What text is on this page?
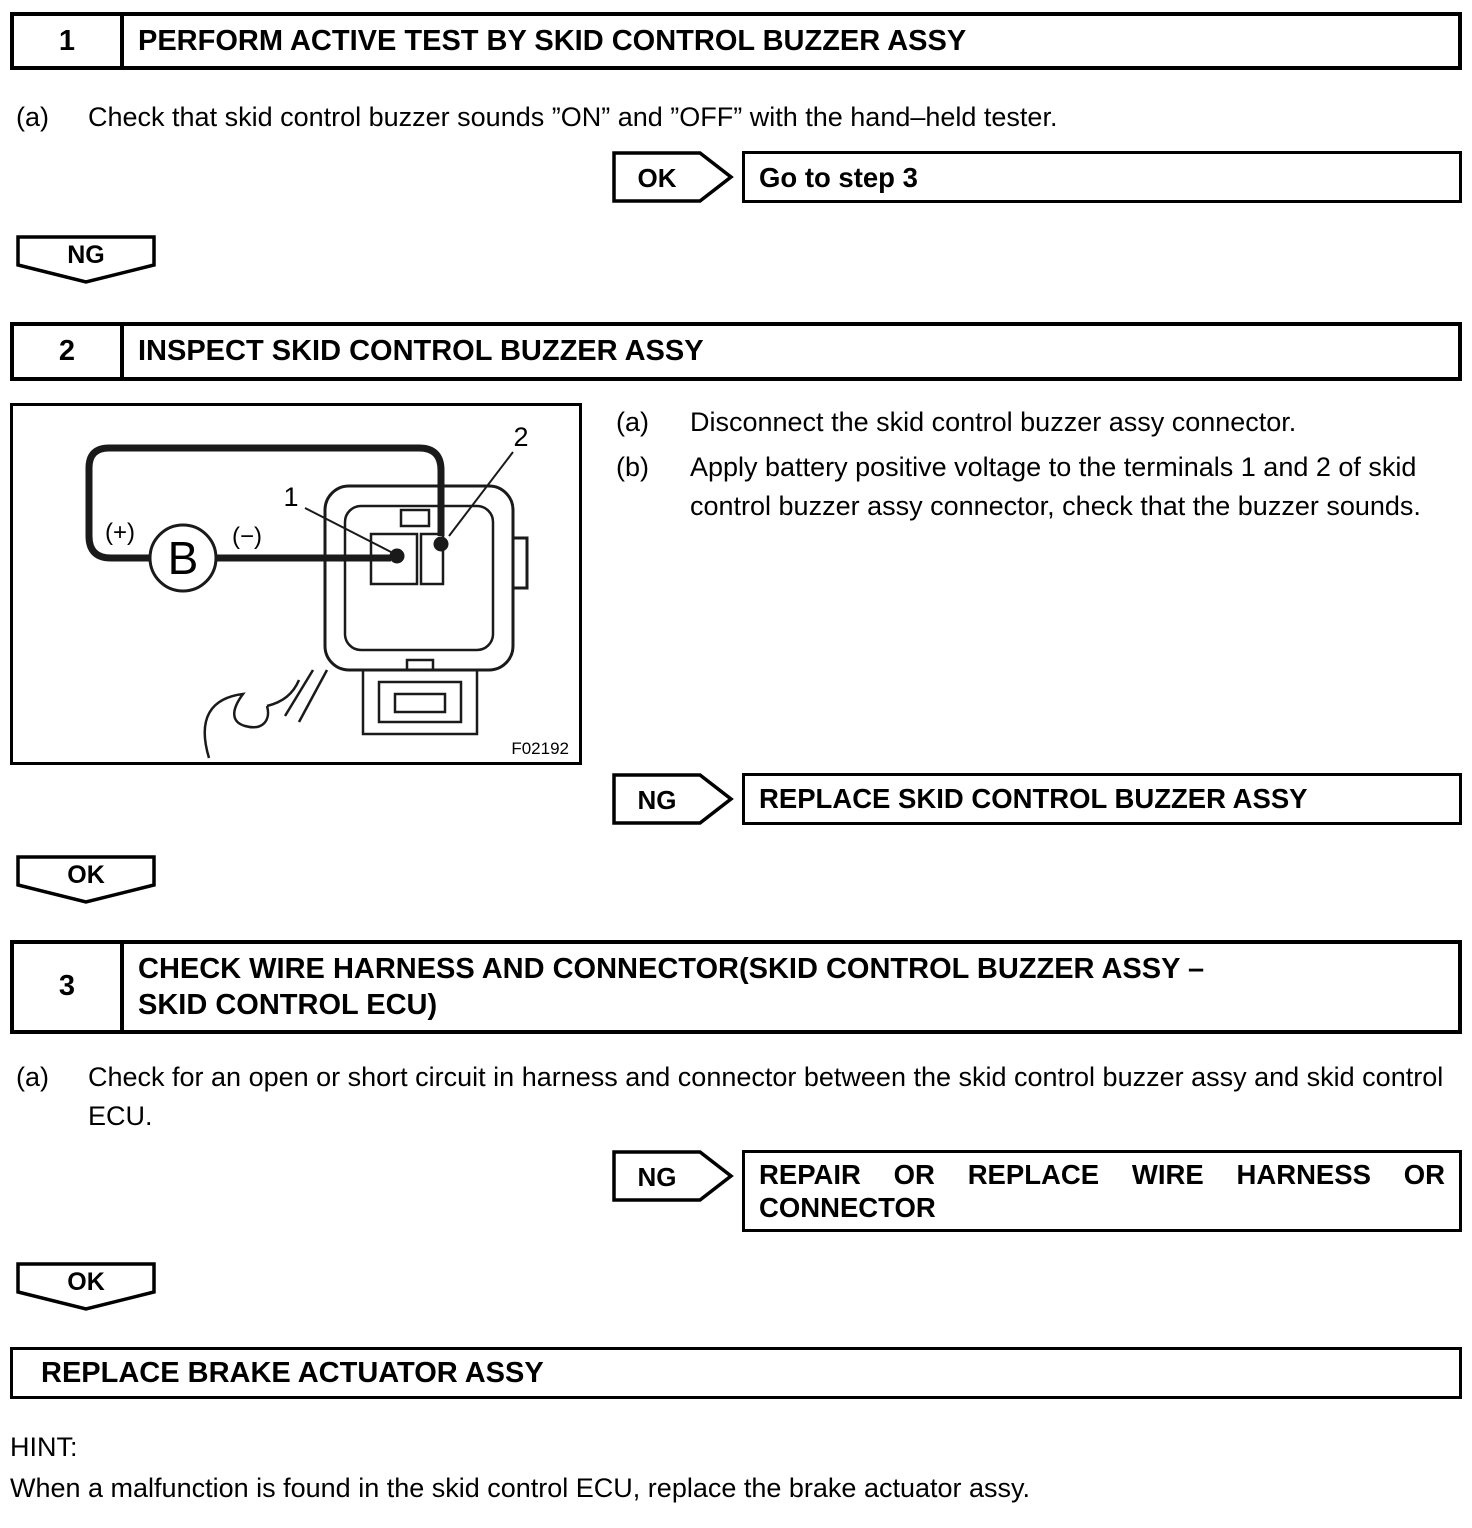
1	PERFORM ACTIVE TEST BY SKID CONTROL BUZZER ASSY
(a)	Check that skid control buzzer sounds ”ON” and ”OFF” with the hand–held tester.
OK	Go to step 3
NG
2	INSPECT SKID CONTROL BUZZER ASSY
B
(+)	(−)
1
2
F02192
(a)	Disconnect the skid control buzzer assy connector.
(b)	Apply battery positive voltage to the terminals 1 and 2 of skid control buzzer assy connector, check that the buzzer sounds.
NG	REPLACE SKID CONTROL BUZZER ASSY
OK
3
CHECK WIRE HARNESS AND CONNECTOR(SKID CONTROL BUZZER ASSY – SKID CONTROL ECU)
(a)	Check for an open or short circuit in harness and connector between the skid control buzzer assy and skid control ECU.
NG	REPAIR OR REPLACE WIRE HARNESS OR CONNECTOR
OK
REPLACE BRAKE ACTUATOR ASSY
HINT:
When a malfunction is found in the skid control ECU, replace the brake actuator assy.
